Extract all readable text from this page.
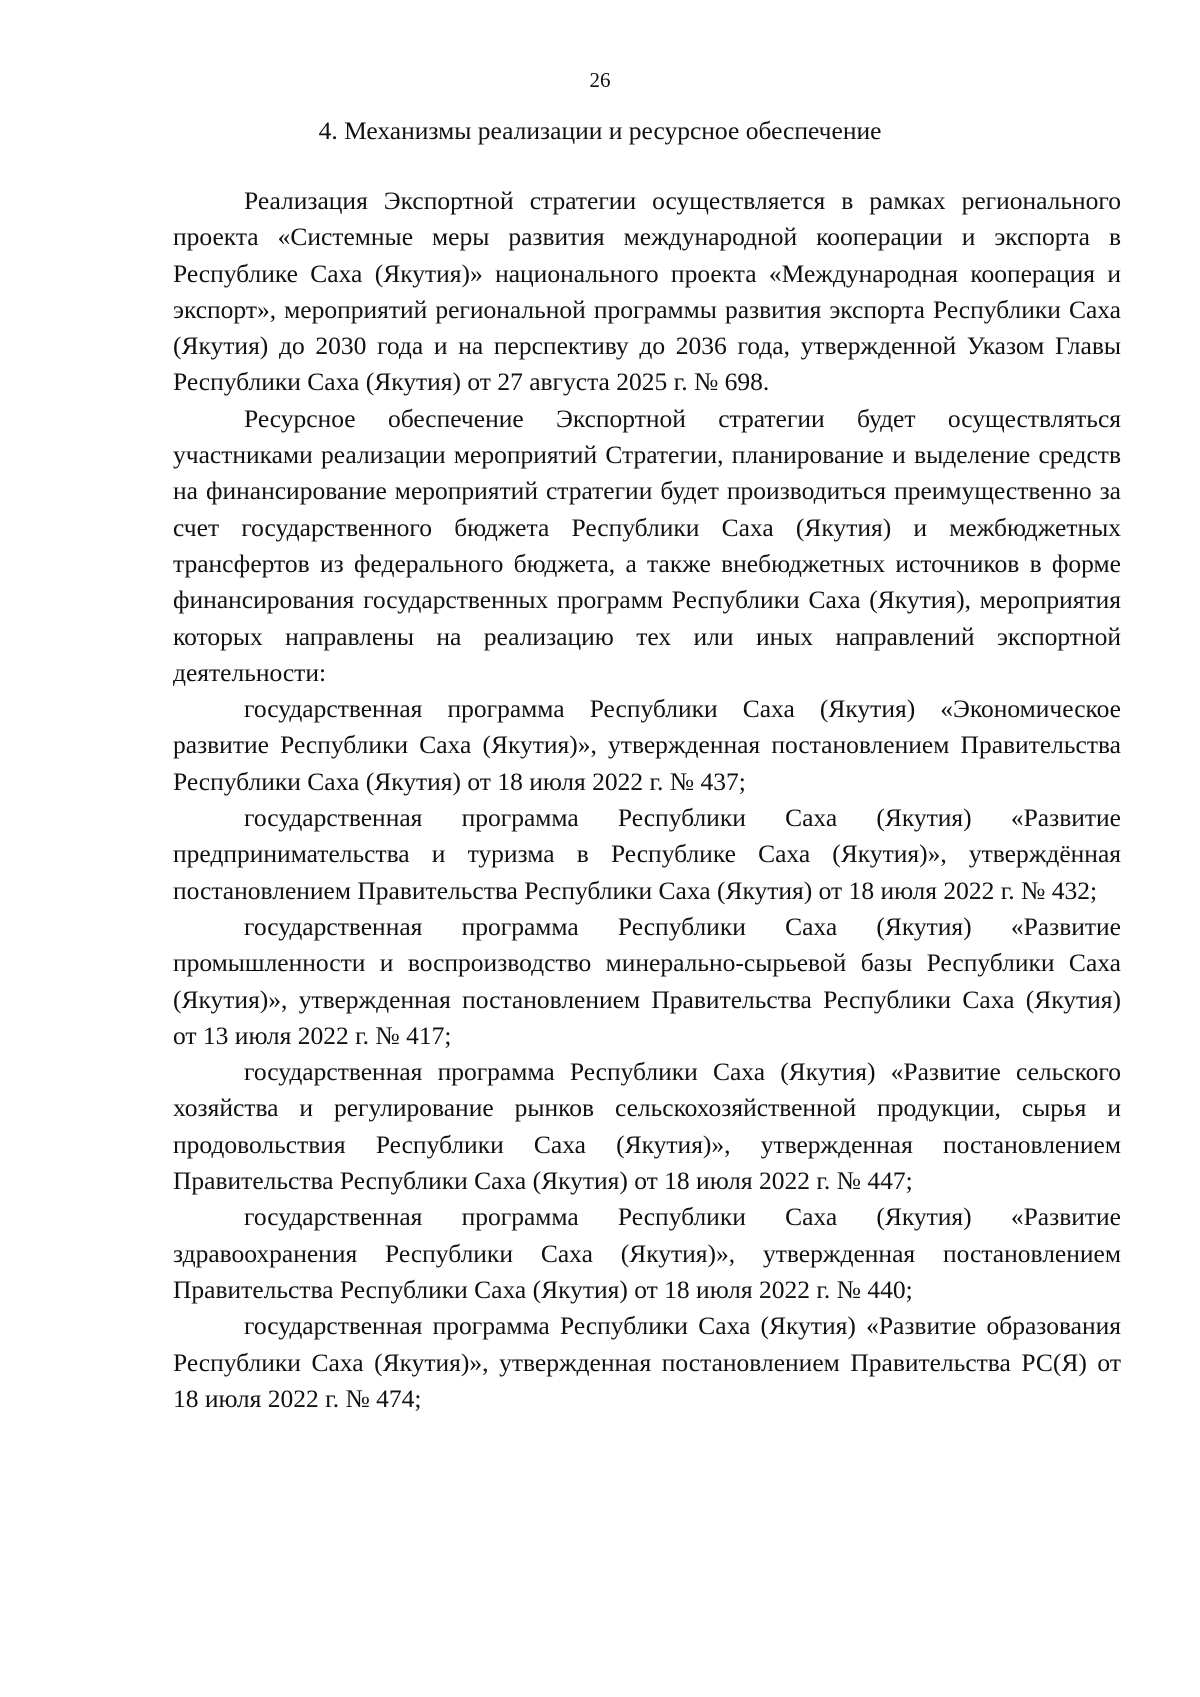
26
4. Механизмы реализации и ресурсное обеспечение

Реализация Экспортной стратегии осуществляется в рамках регионального проекта «Системные меры развития международной кооперации и экспорта в Республике Саха (Якутия)» национального проекта «Международная кооперация и экспорт», мероприятий региональной программы развития экспорта Республики Саха (Якутия) до 2030 года и на перспективу до 2036 года, утвержденной Указом Главы Республики Саха (Якутия) от 27 августа 2025 г. № 698.

Ресурсное обеспечение Экспортной стратегии будет осуществляться участниками реализации мероприятий Стратегии, планирование и выделение средств на финансирование мероприятий стратегии будет производиться преимущественно за счет государственного бюджета Республики Саха (Якутия) и межбюджетных трансфертов из федерального бюджета, а также внебюджетных источников в форме финансирования государственных программ Республики Саха (Якутия), мероприятия которых направлены на реализацию тех или иных направлений экспортной деятельности:

государственная программа Республики Саха (Якутия) «Экономическое развитие Республики Саха (Якутия)», утвержденная постановлением Правительства Республики Саха (Якутия) от 18 июля 2022 г. № 437;

государственная программа Республики Саха (Якутия) «Развитие предпринимательства и туризма в Республике Саха (Якутия)», утверждённая постановлением Правительства Республики Саха (Якутия) от 18 июля 2022 г. № 432;

государственная программа Республики Саха (Якутия) «Развитие промышленности и воспроизводство минерально-сырьевой базы Республики Саха (Якутия)», утвержденная постановлением Правительства Республики Саха (Якутия) от 13 июля 2022 г. № 417;

государственная программа Республики Саха (Якутия) «Развитие сельского хозяйства и регулирование рынков сельскохозяйственной продукции, сырья и продовольствия Республики Саха (Якутия)», утвержденная постановлением Правительства Республики Саха (Якутия) от 18 июля 2022 г. № 447;

государственная программа Республики Саха (Якутия) «Развитие здравоохранения Республики Саха (Якутия)», утвержденная постановлением Правительства Республики Саха (Якутия) от 18 июля 2022 г. № 440;

государственная программа Республики Саха (Якутия) «Развитие образования Республики Саха (Якутия)», утвержденная постановлением Правительства РС(Я) от 18 июля 2022 г. № 474;
